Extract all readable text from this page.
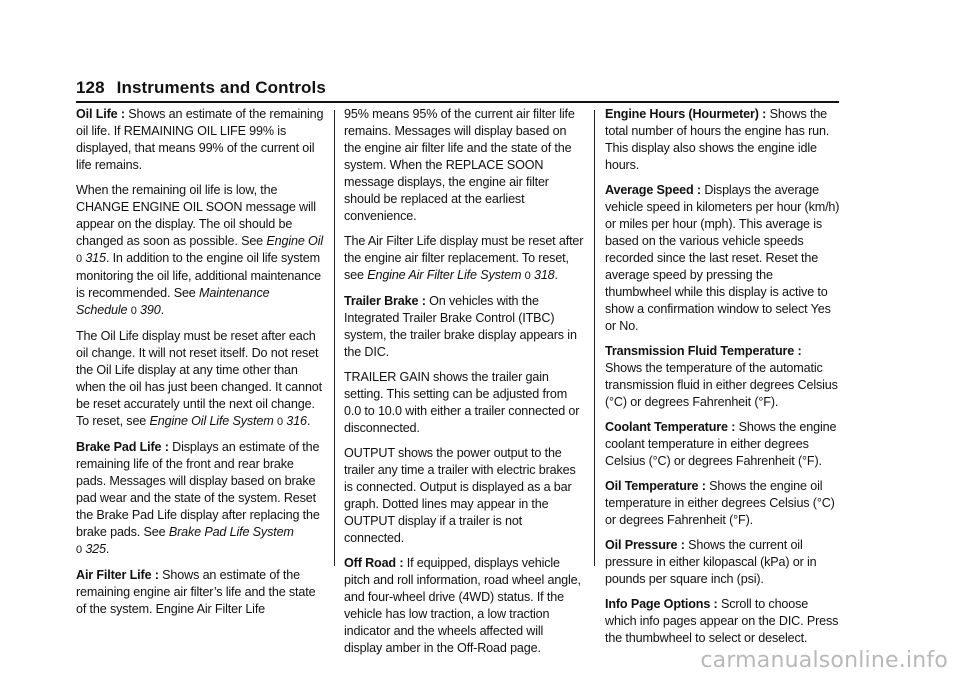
128 Instruments and Controls

Oil Life : Shows an estimate of the remaining oil life. If REMAINING OIL LIFE 99% is displayed, that means 99% of the current oil life remains.

When the remaining oil life is low, the CHANGE ENGINE OIL SOON message will appear on the display. The oil should be changed as soon as possible. See Engine Oil 0 315. In addition to the engine oil life system monitoring the oil life, additional maintenance is recommended. See Maintenance Schedule 0 390.

The Oil Life display must be reset after each oil change. It will not reset itself. Do not reset the Oil Life display at any time other than when the oil has just been changed. It cannot be reset accurately until the next oil change. To reset, see Engine Oil Life System 0 316.

Brake Pad Life : Displays an estimate of the remaining life of the front and rear brake pads. Messages will display based on brake pad wear and the state of the system. Reset the Brake Pad Life display after replacing the brake pads. See Brake Pad Life System
0 325.

Air Filter Life : Shows an estimate of the remaining engine air filter’s life and the state of the system. Engine Air Filter Life

95% means 95% of the current air filter life remains. Messages will display based on the engine air filter life and the state of the system. When the REPLACE SOON message displays, the engine air filter should be replaced at the earliest convenience.

The Air Filter Life display must be reset after the engine air filter replacement. To reset, see Engine Air Filter Life System 0 318.

Trailer Brake : On vehicles with the Integrated Trailer Brake Control (ITBC) system, the trailer brake display appears in the DIC.

TRAILER GAIN shows the trailer gain setting. This setting can be adjusted from 0.0 to 10.0 with either a trailer connected or disconnected.

OUTPUT shows the power output to the trailer any time a trailer with electric brakes is connected. Output is displayed as a bar graph. Dotted lines may appear in the OUTPUT display if a trailer is not connected.

Off Road : If equipped, displays vehicle pitch and roll information, road wheel angle, and four-wheel drive (4WD) status. If the vehicle has low traction, a low traction indicator and the wheels affected will display amber in the Off-Road page.

Engine Hours (Hourmeter) : Shows the total number of hours the engine has run. This display also shows the engine idle hours.

Average Speed : Displays the average vehicle speed in kilometers per hour (km/h) or miles per hour (mph). This average is based on the various vehicle speeds recorded since the last reset. Reset the average speed by pressing the thumbwheel while this display is active to show a confirmation window to select Yes or No.

Transmission Fluid Temperature : Shows the temperature of the automatic transmission fluid in either degrees Celsius (°C) or degrees Fahrenheit (°F).

Coolant Temperature : Shows the engine coolant temperature in either degrees Celsius (°C) or degrees Fahrenheit (°F).

Oil Temperature : Shows the engine oil temperature in either degrees Celsius (°C) or degrees Fahrenheit (°F).

Oil Pressure : Shows the current oil pressure in either kilopascal (kPa) or in pounds per square inch (psi).

Info Page Options : Scroll to choose which info pages appear on the DIC. Press the thumbwheel to select or deselect.

carmanualsonline.info
